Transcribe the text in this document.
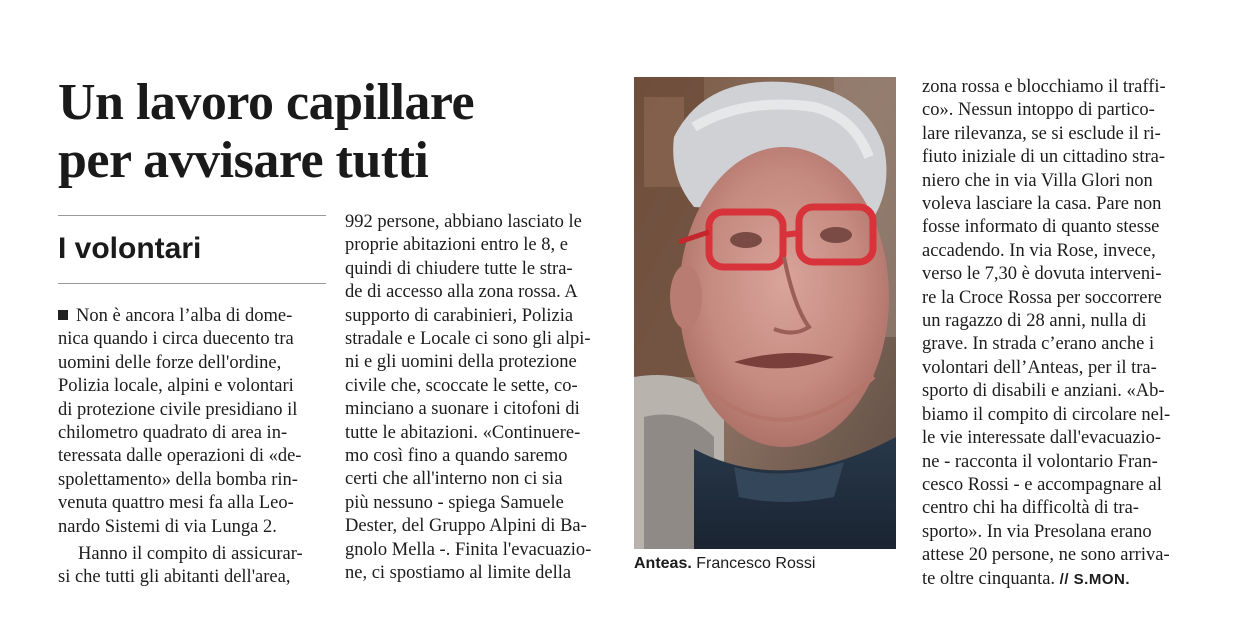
Un lavoro capillare
per avvisare tutti
I volontari
Non è ancora l’alba di dome-
nica quando i circa duecento tra
uomini delle forze dell'ordine,
Polizia locale, alpini e volontari
di protezione civile presidiano il
chilometro quadrato di area in-
teressata dalle operazioni di «de-
spolettamento» della bomba rin-
venuta quattro mesi fa alla Leo-
nardo Sistemi di via Lunga 2.
Hanno il compito di assicurar-
si che tutti gli abitanti dell'area,
992 persone, abbiano lasciato le
proprie abitazioni entro le 8, e
quindi di chiudere tutte le stra-
de di accesso alla zona rossa. A
supporto di carabinieri, Polizia
stradale e Locale ci sono gli alpi-
ni e gli uomini della protezione
civile che, scoccate le sette, co-
minciano a suonare i citofoni di
tutte le abitazioni. «Continuere-
mo così fino a quando saremo
certi che all'interno non ci sia
più nessuno - spiega Samuele
Dester, del Gruppo Alpini di Ba-
gnolo Mella -. Finita l'evacuazio-
ne, ci spostiamo al limite della	Anteas. Francesco Rossi
zona rossa e blocchiamo il traffi-
co». Nessun intoppo di partico-
lare rilevanza, se si esclude il ri-
fiuto iniziale di un cittadino stra-
niero che in via Villa Glori non
voleva lasciare la casa. Pare non
fosse informato di quanto stesse
accadendo. In via Rose, invece,
verso le 7,30 è dovuta interveni-
re la Croce Rossa per soccorrere
un ragazzo di 28 anni, nulla di
grave. In strada c’erano anche i
volontari dell’Anteas, per il tra-
sporto di disabili e anziani. «Ab-
biamo il compito di circolare nel-
le vie interessate dall'evacuazio-
ne - racconta il volontario Fran-
cesco Rossi - e accompagnare al
centro chi ha difficoltà di tra-
sporto». In via Presolana erano
attese 20 persone, ne sono arriva-
te oltre cinquanta. // S.MON.
